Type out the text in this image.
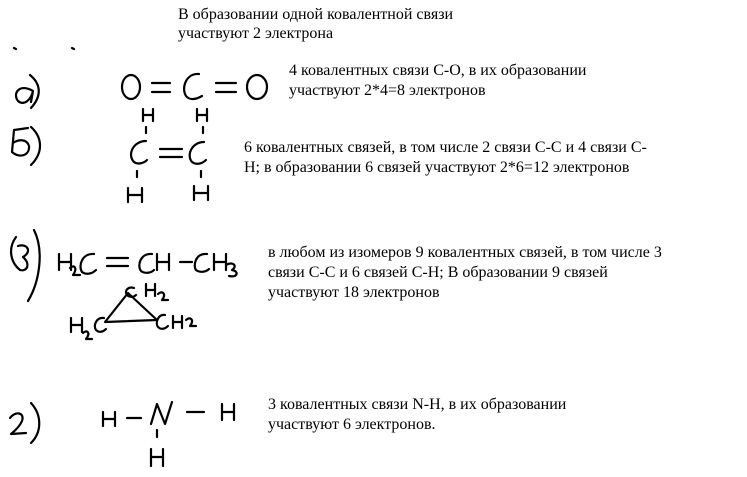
В образовании одной ковалентной связи
участвуют 2 электрона
4 ковалентных связи С-О, в их образовании
участвуют 2*4=8 электронов
6 ковалентных связей, в том числе 2 связи С-С и 4 связи С-
Н; в образовании 6 связей участвуют 2*6=12 электронов
в любом из изомеров 9 ковалентных связей, в том числе 3
связи С-С и 6 связей С-Н; В образовании 9 связей
участвуют 18 электронов
3 ковалентных связи N-H, в их образовании
участвуют 6 электронов.
